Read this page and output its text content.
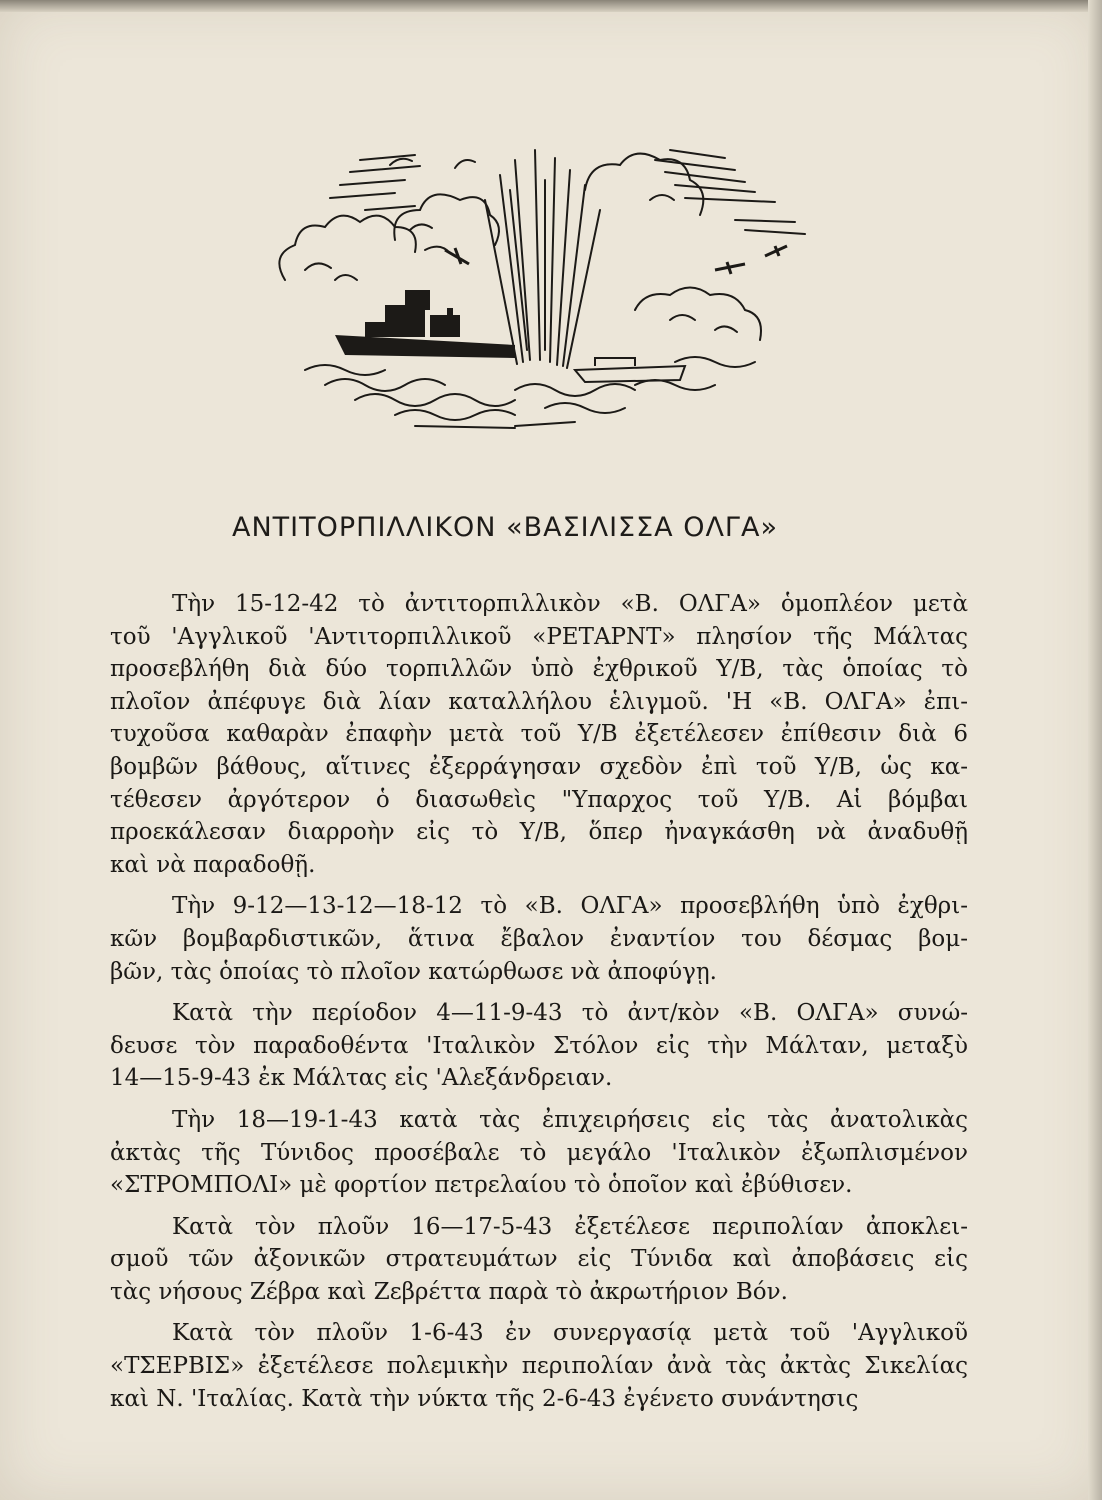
ΑΝΤΙΤΟΡΠΙΛΛΙΚΟΝ «ΒΑΣΙΛΙΣΣΑ ΟΛΓΑ»
Τὴν 15-12-42 τὸ ἀντιτορπιλλικὸν «Β. ΟΛΓΑ» ὁμοπλέον μετὰ
τοῦ 'Αγγλικοῦ 'Αντιτορπιλλικοῦ «ΡΕΤΑΡΝΤ» πλησίον τῆς Μάλτας
προσεβλήθη διὰ δύο τορπιλλῶν ὑπὸ ἐχθρικοῦ Υ/Β, τὰς ὁποίας τὸ
πλοῖον ἀπέφυγε διὰ λίαν καταλλήλου ἑλιγμοῦ. 'Η «Β. ΟΛΓΑ» ἐπι-
τυχοῦσα καθαρὰν ἐπαφὴν μετὰ τοῦ Υ/Β ἐξετέλεσεν ἐπίθεσιν διὰ 6
βομβῶν βάθους, αἵτινες ἐξερράγησαν σχεδὸν ἐπὶ τοῦ Υ/Β, ὡς κα-
τέθεσεν ἀργότερον ὁ διασωθεὶς "Υπαρχος τοῦ Υ/Β. Αἱ βόμβαι
προεκάλεσαν διαρροὴν εἰς τὸ Υ/Β, ὅπερ ἠναγκάσθη νὰ ἀναδυθῇ
καὶ νὰ παραδοθῇ.
Τὴν 9-12—13-12—18-12 τὸ «Β. ΟΛΓΑ» προσεβλήθη ὑπὸ ἐχθρι-
κῶν βομβαρδιστικῶν, ἅτινα ἔβαλον ἐναντίον του δέσμας βομ-
βῶν, τὰς ὁποίας τὸ πλοῖον κατώρθωσε νὰ ἀποφύγῃ.
Κατὰ τὴν περίοδον 4—11-9-43 τὸ ἀντ/κὸν «Β. ΟΛΓΑ» συνώ-
δευσε τὸν παραδοθέντα 'Ιταλικὸν Στόλον εἰς τὴν Μάλταν, μεταξὺ
14—15-9-43 ἐκ Μάλτας εἰς 'Αλεξάνδρειαν.
Τὴν 18—19-1-43 κατὰ τὰς ἐπιχειρήσεις εἰς τὰς ἀνατολικὰς
ἀκτὰς τῆς Τύνιδος προσέβαλε τὸ μεγάλο 'Ιταλικὸν ἐξωπλισμένον
«ΣΤΡΟΜΠΟΛΙ» μὲ φορτίον πετρελαίου τὸ ὁποῖον καὶ ἐβύθισεν.
Κατὰ τὸν πλοῦν 16—17-5-43 ἐξετέλεσε περιπολίαν ἀποκλει-
σμοῦ τῶν ἀξονικῶν στρατευμάτων εἰς Τύνιδα καὶ ἀποβάσεις εἰς
τὰς νήσους Ζέβρα καὶ Ζεβρέττα παρὰ τὸ ἀκρωτήριον Βόν.
Κατὰ τὸν πλοῦν 1-6-43 ἐν συνεργασίᾳ μετὰ τοῦ 'Αγγλικοῦ
«ΤΣΕΡΒΙΣ» ἐξετέλεσε πολεμικὴν περιπολίαν ἀνὰ τὰς ἀκτὰς Σικελίας
καὶ Ν. 'Ιταλίας. Κατὰ τὴν νύκτα τῆς 2-6-43 ἐγένετο συνάντησις
